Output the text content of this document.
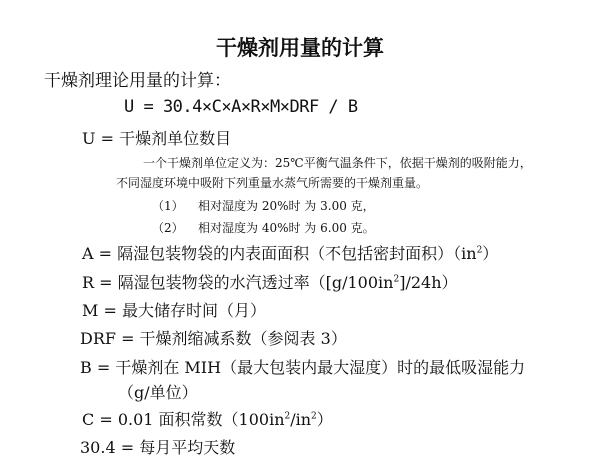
干燥剂用量的计算
干燥剂理论用量的计算：
U = 30.4×C×A×R×M×DRF / B
U = 干燥剂单位数目
一个干燥剂单位定义为：25℃平衡气温条件下，依据干燥剂的吸附能力，
不同湿度环境中吸附下列重量水蒸气所需要的干燥剂重量。
（1） 相对湿度为 20%时 为 3.00 克，
（2） 相对湿度为 40%时 为 6.00 克。
A = 隔湿包装物袋的内表面面积（不包括密封面积）$(in^2)$
R = 隔湿包装物袋的水汽透过率$([g/100in^2]/24h)$
M = 最大储存时间（月）
DRF = 干燥剂缩减系数（参阅表 3）
B = 干燥剂在 MIH（最大包装内最大湿度）时的最低吸湿能力
（g/单位）
C = 0.01 面积常数$(100in^2/in^2)$
30.4 = 每月平均天数
